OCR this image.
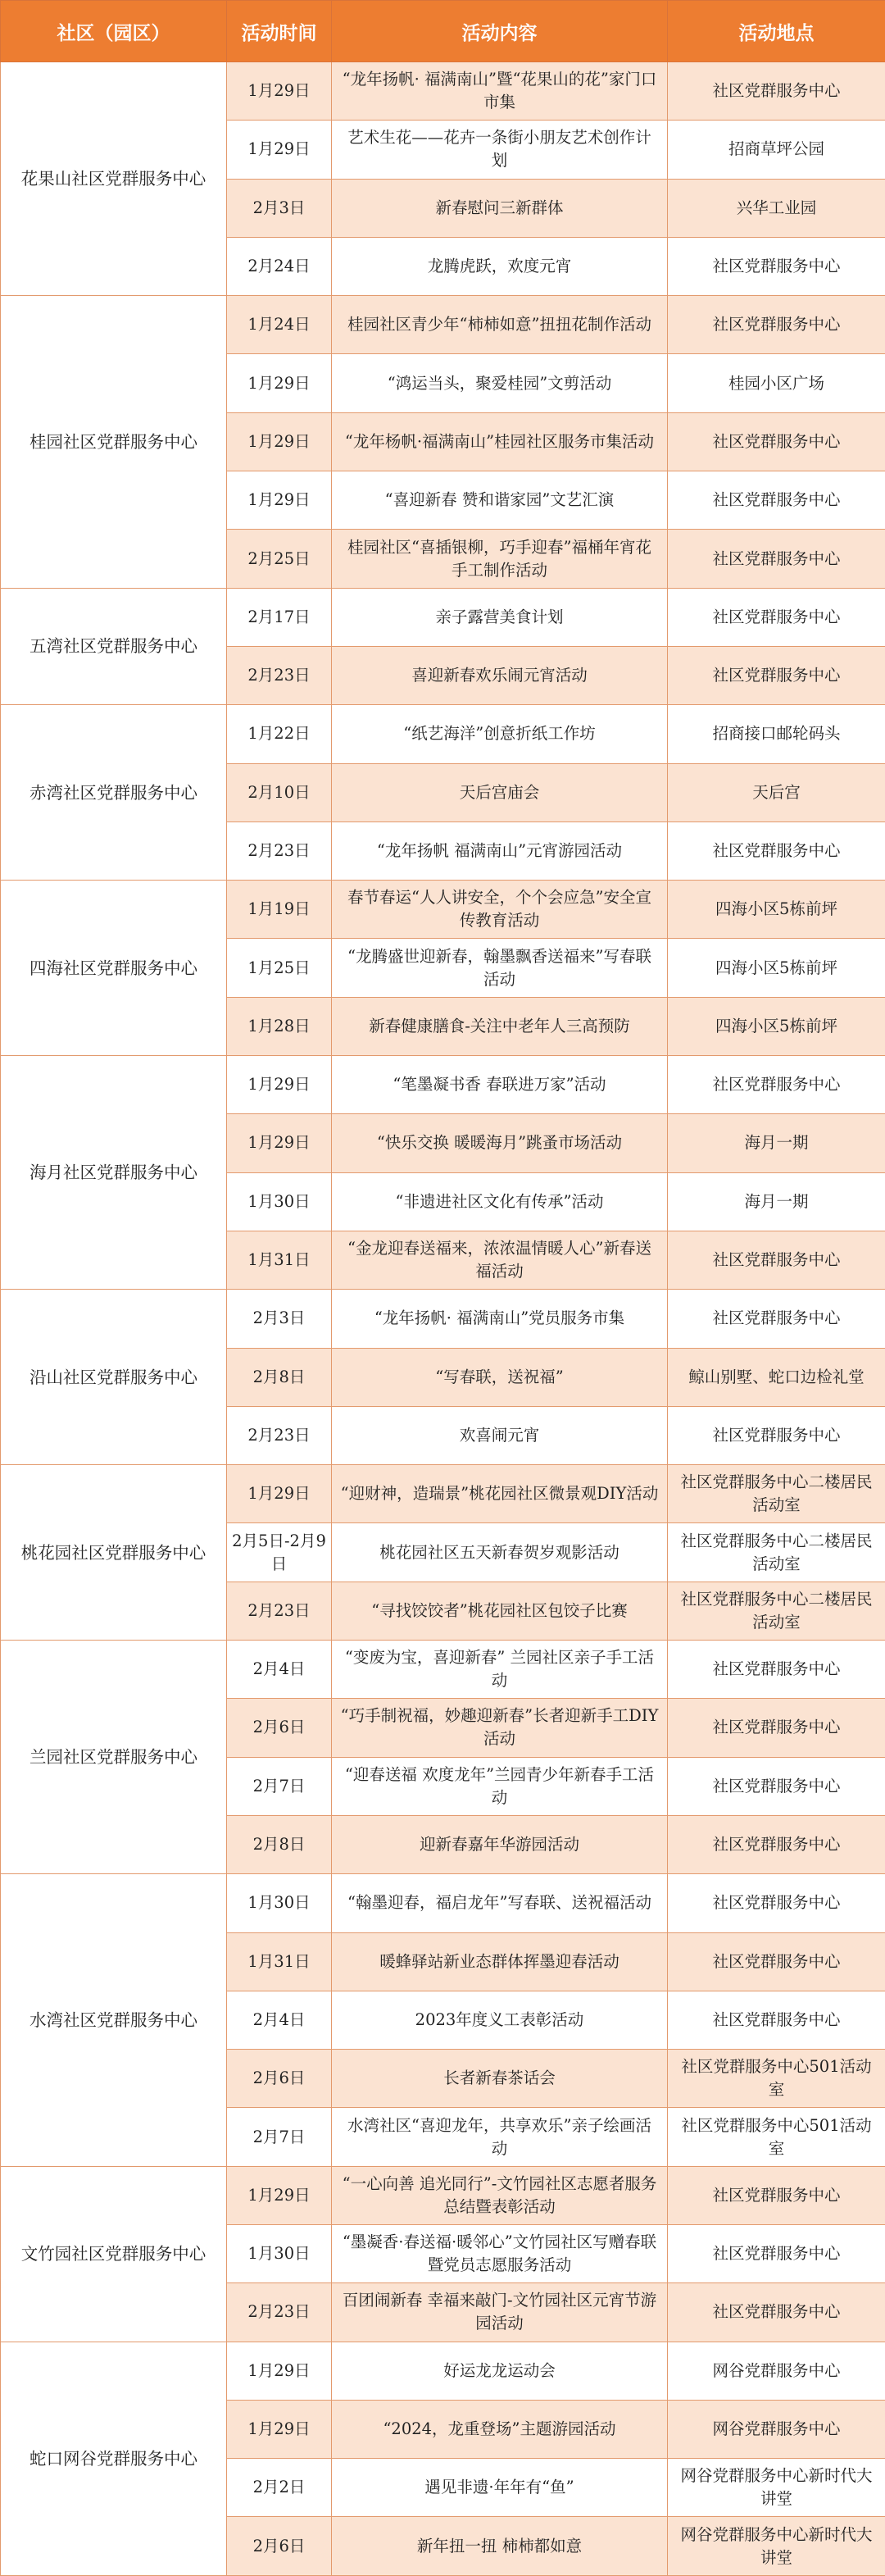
社区（园区）	活动时间	活动内容	活动地点
花果山社区党群服务中心	1月29日	“龙年扬帆· 福满南山”暨“花果山的花”家门口市集	社区党群服务中心
	1月29日	艺术生花——花卉一条街小朋友艺术创作计划	招商草坪公园
	2月3日	新春慰问三新群体	兴华工业园
	2月24日	龙腾虎跃，欢度元宵	社区党群服务中心
桂园社区党群服务中心	1月24日	桂园社区青少年“柿柿如意”扭扭花制作活动	社区党群服务中心
	1月29日	“鸿运当头，聚爱桂园”文剪活动	桂园小区广场
	1月29日	“龙年杨帆·福满南山”桂园社区服务市集活动	社区党群服务中心
	1月29日	“喜迎新春 赞和谐家园”文艺汇演	社区党群服务中心
	2月25日	桂园社区“喜插银柳，巧手迎春”福桶年宵花手工制作活动	社区党群服务中心
五湾社区党群服务中心	2月17日	亲子露营美食计划	社区党群服务中心
	2月23日	喜迎新春欢乐闹元宵活动	社区党群服务中心
赤湾社区党群服务中心	1月22日	“纸艺海洋”创意折纸工作坊	招商接口邮轮码头
	2月10日	天后宫庙会	天后宫
	2月23日	“龙年扬帆 福满南山”元宵游园活动	社区党群服务中心
四海社区党群服务中心	1月19日	春节春运“人人讲安全，个个会应急”安全宣传教育活动	四海小区5栋前坪
	1月25日	“龙腾盛世迎新春，翰墨飘香送福来”写春联活动	四海小区5栋前坪
	1月28日	新春健康膳食-关注中老年人三高预防	四海小区5栋前坪
海月社区党群服务中心	1月29日	“笔墨凝书香 春联进万家”活动	社区党群服务中心
	1月29日	“快乐交换 暖暖海月”跳蚤市场活动	海月一期
	1月30日	“非遗进社区文化有传承”活动	海月一期
	1月31日	“金龙迎春送福来，浓浓温情暖人心”新春送福活动	社区党群服务中心
沿山社区党群服务中心	2月3日	“龙年扬帆· 福满南山”党员服务市集	社区党群服务中心
	2月8日	“写春联，送祝福”	鲸山别墅、蛇口边检礼堂
	2月23日	欢喜闹元宵	社区党群服务中心
桃花园社区党群服务中心	1月29日	“迎财神，造瑞景”桃花园社区微景观DIY活动	社区党群服务中心二楼居民活动室
	2月5日-2月9日	桃花园社区五天新春贺岁观影活动	社区党群服务中心二楼居民活动室
	2月23日	“寻找饺饺者”桃花园社区包饺子比赛	社区党群服务中心二楼居民活动室
兰园社区党群服务中心	2月4日	“变废为宝，喜迎新春” 兰园社区亲子手工活动	社区党群服务中心
	2月6日	“巧手制祝福，妙趣迎新春”长者迎新手工DIY活动	社区党群服务中心
	2月7日	“迎春送福 欢度龙年”兰园青少年新春手工活动	社区党群服务中心
	2月8日	迎新春嘉年华游园活动	社区党群服务中心
水湾社区党群服务中心	1月30日	“翰墨迎春，福启龙年”写春联、送祝福活动	社区党群服务中心
	1月31日	暖蜂驿站新业态群体挥墨迎春活动	社区党群服务中心
	2月4日	2023年度义工表彰活动	社区党群服务中心
	2月6日	长者新春茶话会	社区党群服务中心501活动室
	2月7日	水湾社区“喜迎龙年，共享欢乐”亲子绘画活动	社区党群服务中心501活动室
文竹园社区党群服务中心	1月29日	“一心向善 追光同行”-文竹园社区志愿者服务总结暨表彰活动	社区党群服务中心
	1月30日	“墨凝香·春送福·暖邻心”文竹园社区写赠春联暨党员志愿服务活动	社区党群服务中心
	2月23日	百团闹新春 幸福来敲门-文竹园社区元宵节游园活动	社区党群服务中心
蛇口网谷党群服务中心	1月29日	好运龙龙运动会	网谷党群服务中心
	1月29日	“2024，龙重登场”主题游园活动	网谷党群服务中心
	2月2日	遇见非遗·年年有“鱼”	网谷党群服务中心新时代大讲堂
	2月6日	新年扭一扭 柿柿都如意	网谷党群服务中心新时代大讲堂
